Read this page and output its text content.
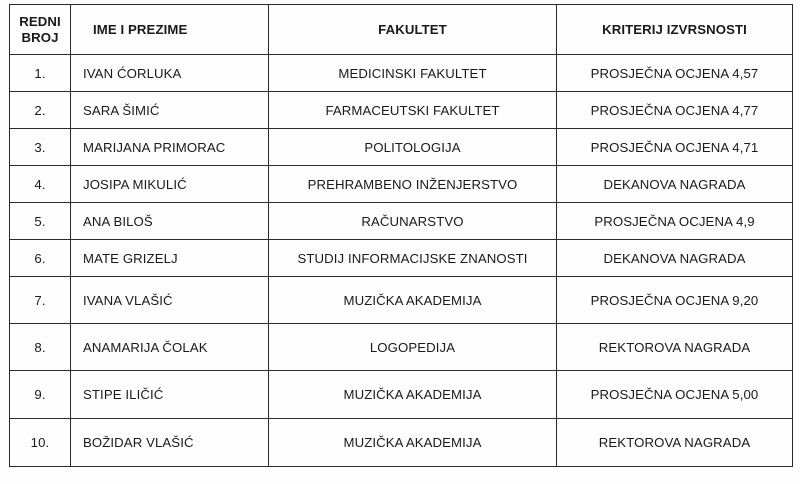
REDNI BROJ	IME I PREZIME	FAKULTET	KRITERIJ IZVRSNOSTI
1.	IVAN ĆORLUKA	MEDICINSKI FAKULTET	PROSJEČNA OCJENA 4,57
2.	SARA ŠIMIĆ	FARMACEUTSKI FAKULTET	PROSJEČNA OCJENA 4,77
3.	MARIJANA PRIMORAC	POLITOLOGIJA	PROSJEČNA OCJENA 4,71
4.	JOSIPA MIKULIĆ	PREHRAMBENO INŽENJERSTVO	DEKANOVA NAGRADA
5.	ANA BILOŠ	RAČUNARSTVO	PROSJEČNA OCJENA 4,9
6.	MATE GRIZELJ	STUDIJ INFORMACIJSKE ZNANOSTI	DEKANOVA NAGRADA
7.	IVANA VLAŠIĆ	MUZIČKA AKADEMIJA	PROSJEČNA OCJENA 9,20
8.	ANAMARIJA ČOLAK	LOGOPEDIJA	REKTOROVA NAGRADA
9.	STIPE ILIČIĆ	MUZIČKA AKADEMIJA	PROSJEČNA OCJENA 5,00
10.	BOŽIDAR VLAŠIĆ	MUZIČKA AKADEMIJA	REKTOROVA NAGRADA
